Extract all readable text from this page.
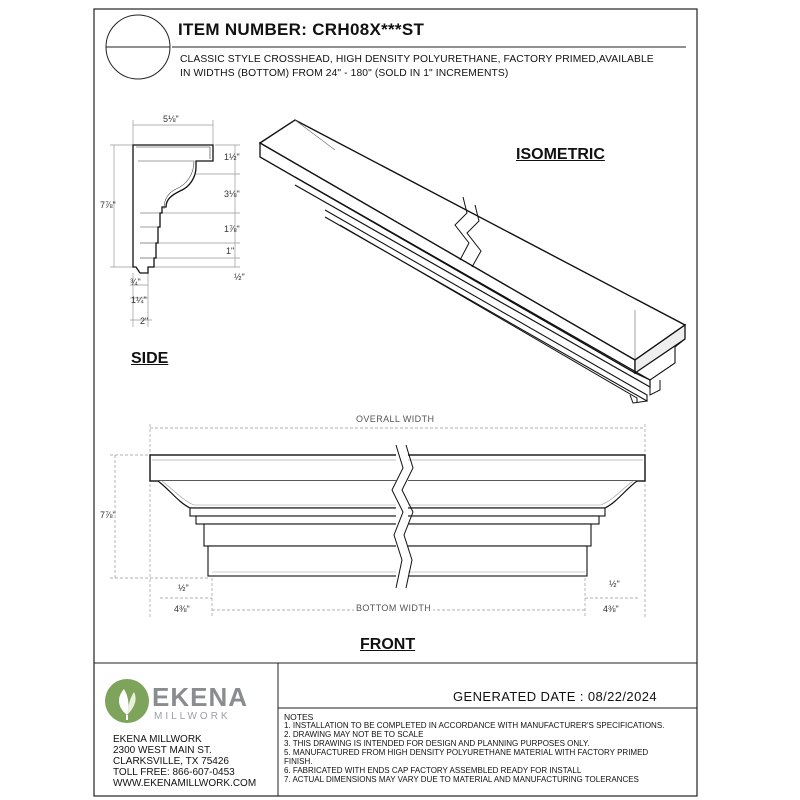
ITEM NUMBER: CRH08X***ST
CLASSIC STYLE CROSSHEAD, HIGH DENSITY POLYURETHANE, FACTORY PRIMED,AVAILABLE
IN WIDTHS (BOTTOM) FROM 24" - 180" (SOLD IN 1" INCREMENTS)
5⅛"
7⅞"
1½"
3⅛"
1⅞"
1"
½"
¾"
1¼"
2"
SIDE
ISOMETRIC
OVERALL WIDTH
BOTTOM WIDTH
7⅞"
4⅜"	4⅜"
½"	½"
FRONT
EKENA
MILLWORK
EKENA MILLWORK
2300 WEST MAIN ST.
CLARKSVILLE, TX 75426
TOLL FREE: 866-607-0453
WWW.EKENAMILLWORK.COM
GENERATED DATE : 08/22/2024
NOTES
1. INSTALLATION TO BE COMPLETED IN ACCORDANCE WITH MANUFACTURER'S SPECIFICATIONS.
2. DRAWING MAY NOT BE TO SCALE
3. THIS DRAWING IS INTENDED FOR DESIGN AND PLANNING PURPOSES ONLY.
5. MANUFACTURED FROM HIGH DENSITY POLYURETHANE MATERIAL WITH FACTORY PRIMED
FINISH.
6. FABRICATED WITH ENDS CAP FACTORY ASSEMBLED READY FOR INSTALL
7. ACTUAL DIMENSIONS MAY VARY DUE TO MATERIAL AND MANUFACTURING TOLERANCES
